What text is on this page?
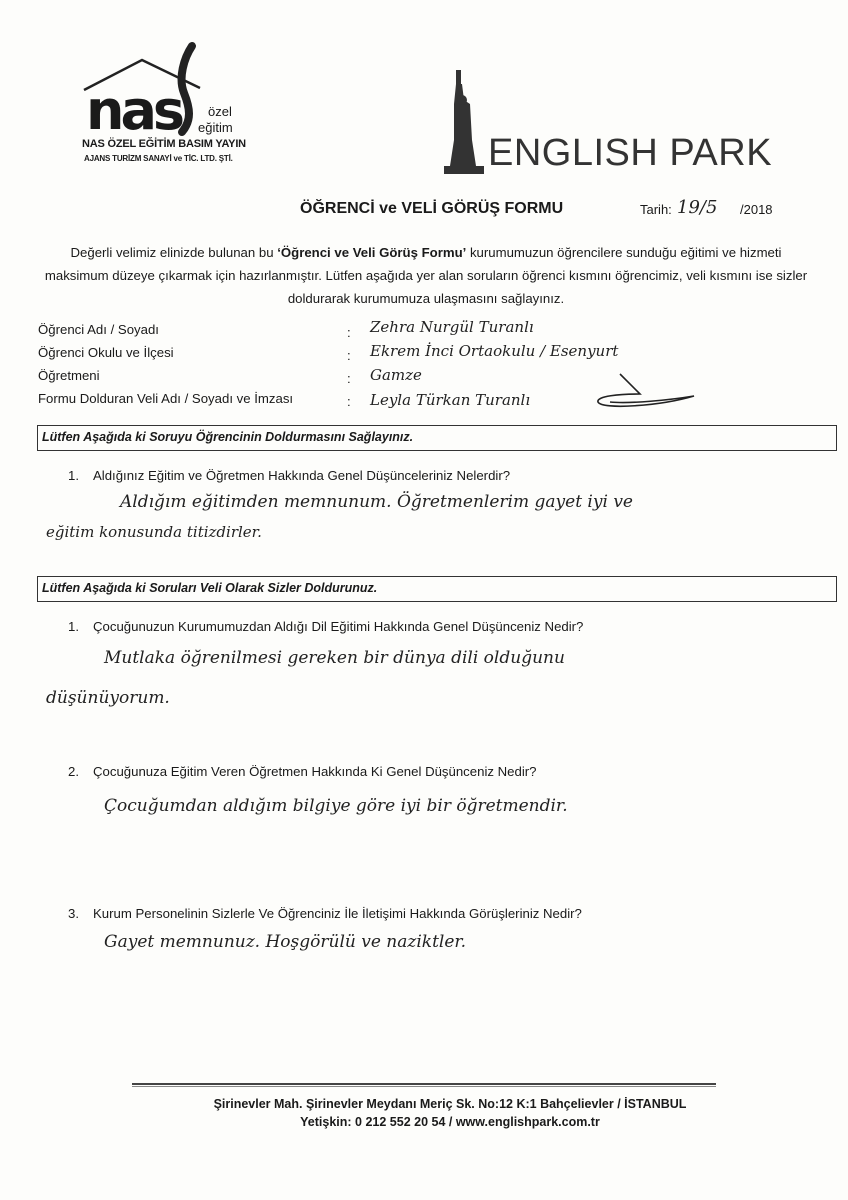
nas özel
eğitim
NAS ÖZEL EĞİTİM BASIM YAYIN
AJANS TURİZM SANAYİ ve TİC. LTD. ŞTİ.	ENGLISH PARK
ÖĞRENCİ ve VELİ GÖRÜŞ FORMU	Tarih: 19/5 /2018
Değerli velimiz elinizde bulunan bu ‘Öğrenci ve Veli Görüş Formu’ kurumumuzun öğrencilere sunduğu eğitimi ve hizmeti maksimum düzeye çıkarmak için hazırlanmıştır. Lütfen aşağıda yer alan soruların öğrenci kısmını öğrencimiz, veli kısmını ise sizler doldurarak kurumumuza ulaşmasını sağlayınız.
Öğrenci Adı / Soyadı	: Zehra Nurgül Turanlı
Öğrenci Okulu ve İlçesi	: Ekrem İnci Ortaokulu / Esenyurt
Öğretmeni	: Gamze
Formu Dolduran Veli Adı / Soyadı ve İmzası	: Leyla Türkan Turanlı
Lütfen Aşağıda ki Soruyu Öğrencinin Doldurmasını Sağlayınız.
1. Aldığınız Eğitim ve Öğretmen Hakkında Genel Düşünceleriniz Nelerdir?
Aldığım eğitimden memnunum. Öğretmenlerim gayet iyi ve
eğitim konusunda titizdirler.
Lütfen Aşağıda ki Soruları Veli Olarak Sizler Doldurunuz.
1. Çocuğunuzun Kurumumuzdan Aldığı Dil Eğitimi Hakkında Genel Düşünceniz Nedir?
Mutlaka öğrenilmesi gereken bir dünya dili olduğunu
düşünüyorum.
2. Çocuğunuza Eğitim Veren Öğretmen Hakkında Ki Genel Düşünceniz Nedir?
Çocuğumdan aldığım bilgiye göre iyi bir öğretmendir.
3. Kurum Personelinin Sizlerle Ve Öğrenciniz İle İletişimi Hakkında Görüşleriniz Nedir?
Gayet memnunuz. Hoşgörülü ve naziktler.
Şirinevler Mah. Şirinevler Meydanı Meriç Sk. No:12 K:1 Bahçelievler / İSTANBUL
Yetişkin: 0 212 552 20 54 / www.englishpark.com.tr
